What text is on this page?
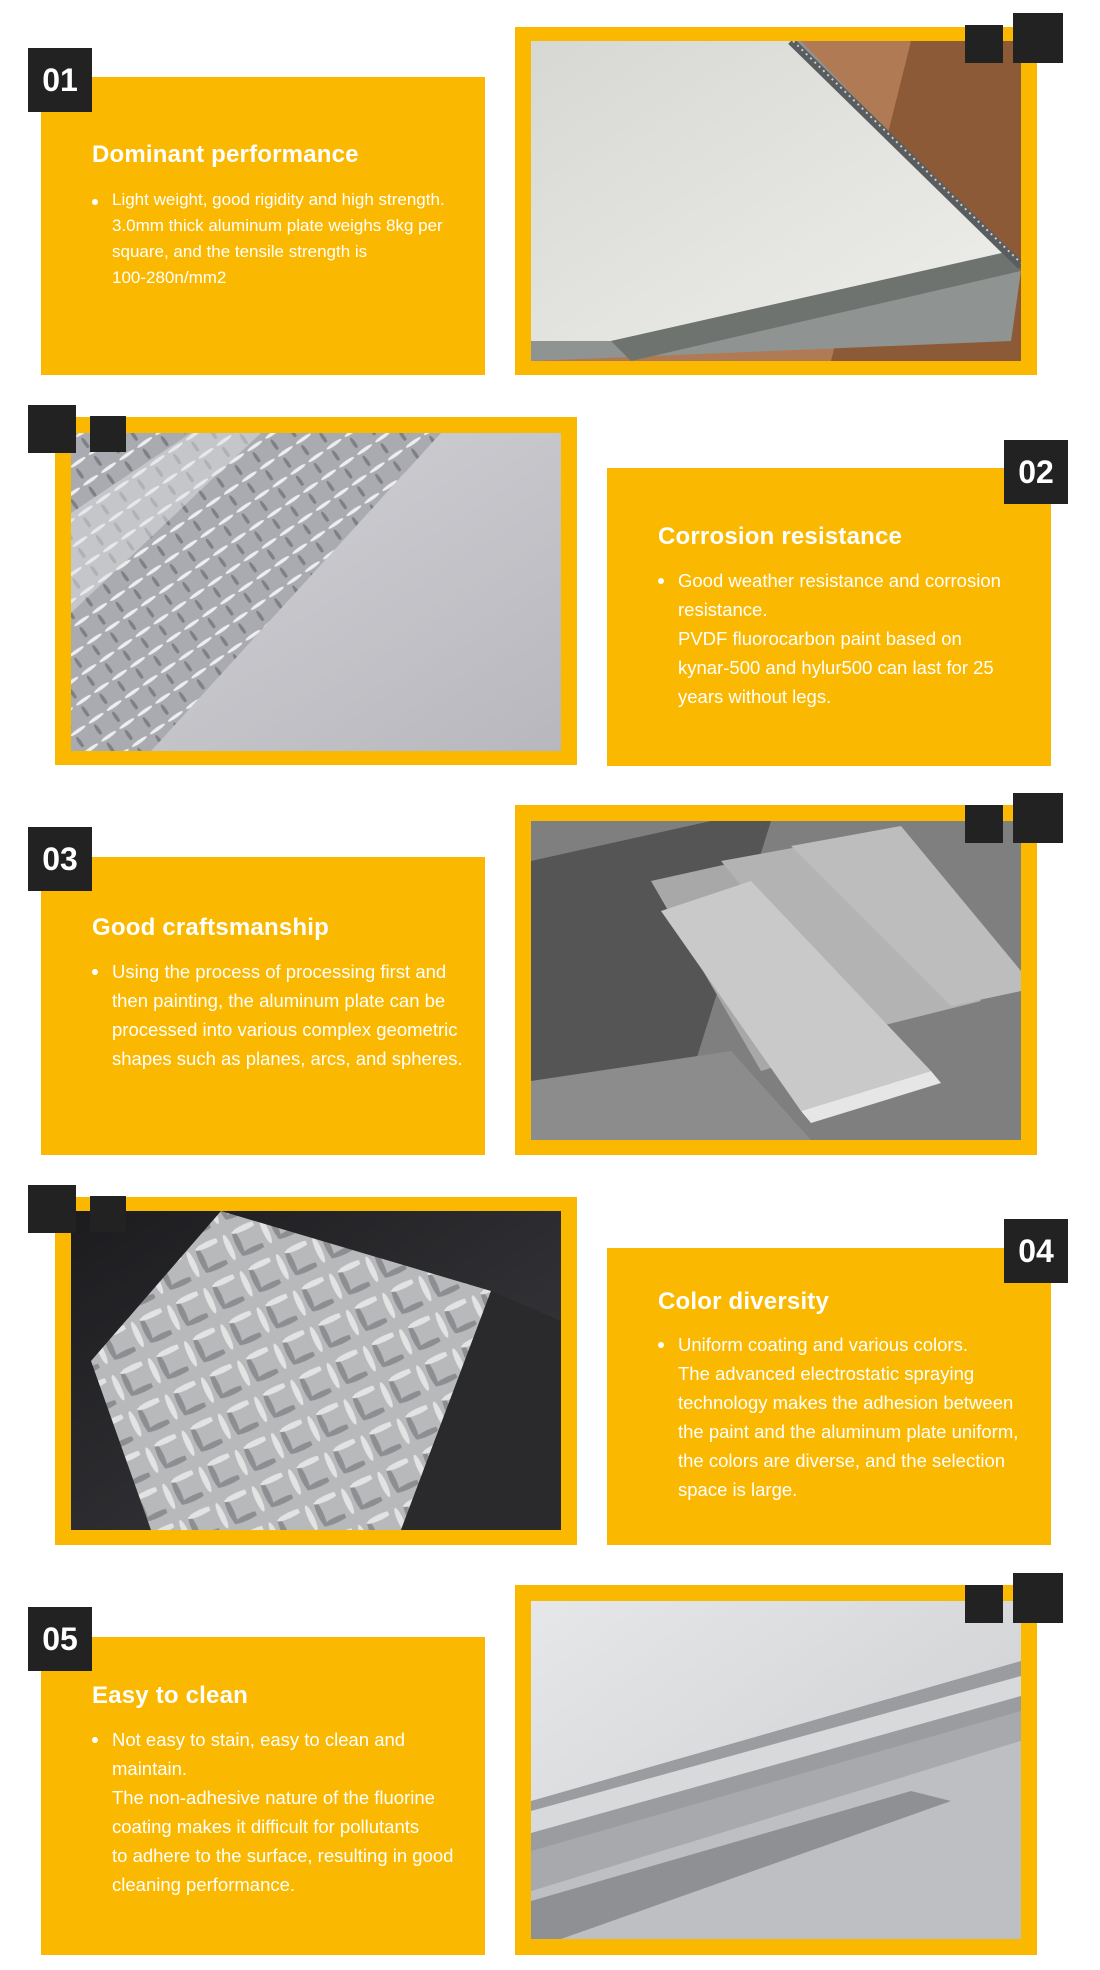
Dominant performance
Light weight, good rigidity and high strength.
3.0mm thick aluminum plate weighs 8kg per
square, and the tensile strength is
100-280n/mm2
01
Corrosion resistance
Good weather resistance and corrosion
resistance.
PVDF fluorocarbon paint based on
kynar-500 and hylur500 can last for 25
years without legs.
02
Good craftsmanship
Using the process of processing first and
then painting, the aluminum plate can be
processed into various complex geometric
shapes such as planes, arcs, and spheres.
03
Color diversity
Uniform coating and various colors.
The advanced electrostatic spraying
technology makes the adhesion between
the paint and the aluminum plate uniform,
the colors are diverse, and the selection
space is large.
04
Easy to clean
Not easy to stain, easy to clean and
maintain.
The non-adhesive nature of the fluorine
coating makes it difficult for pollutants
to adhere to the surface, resulting in good
cleaning performance.
05
